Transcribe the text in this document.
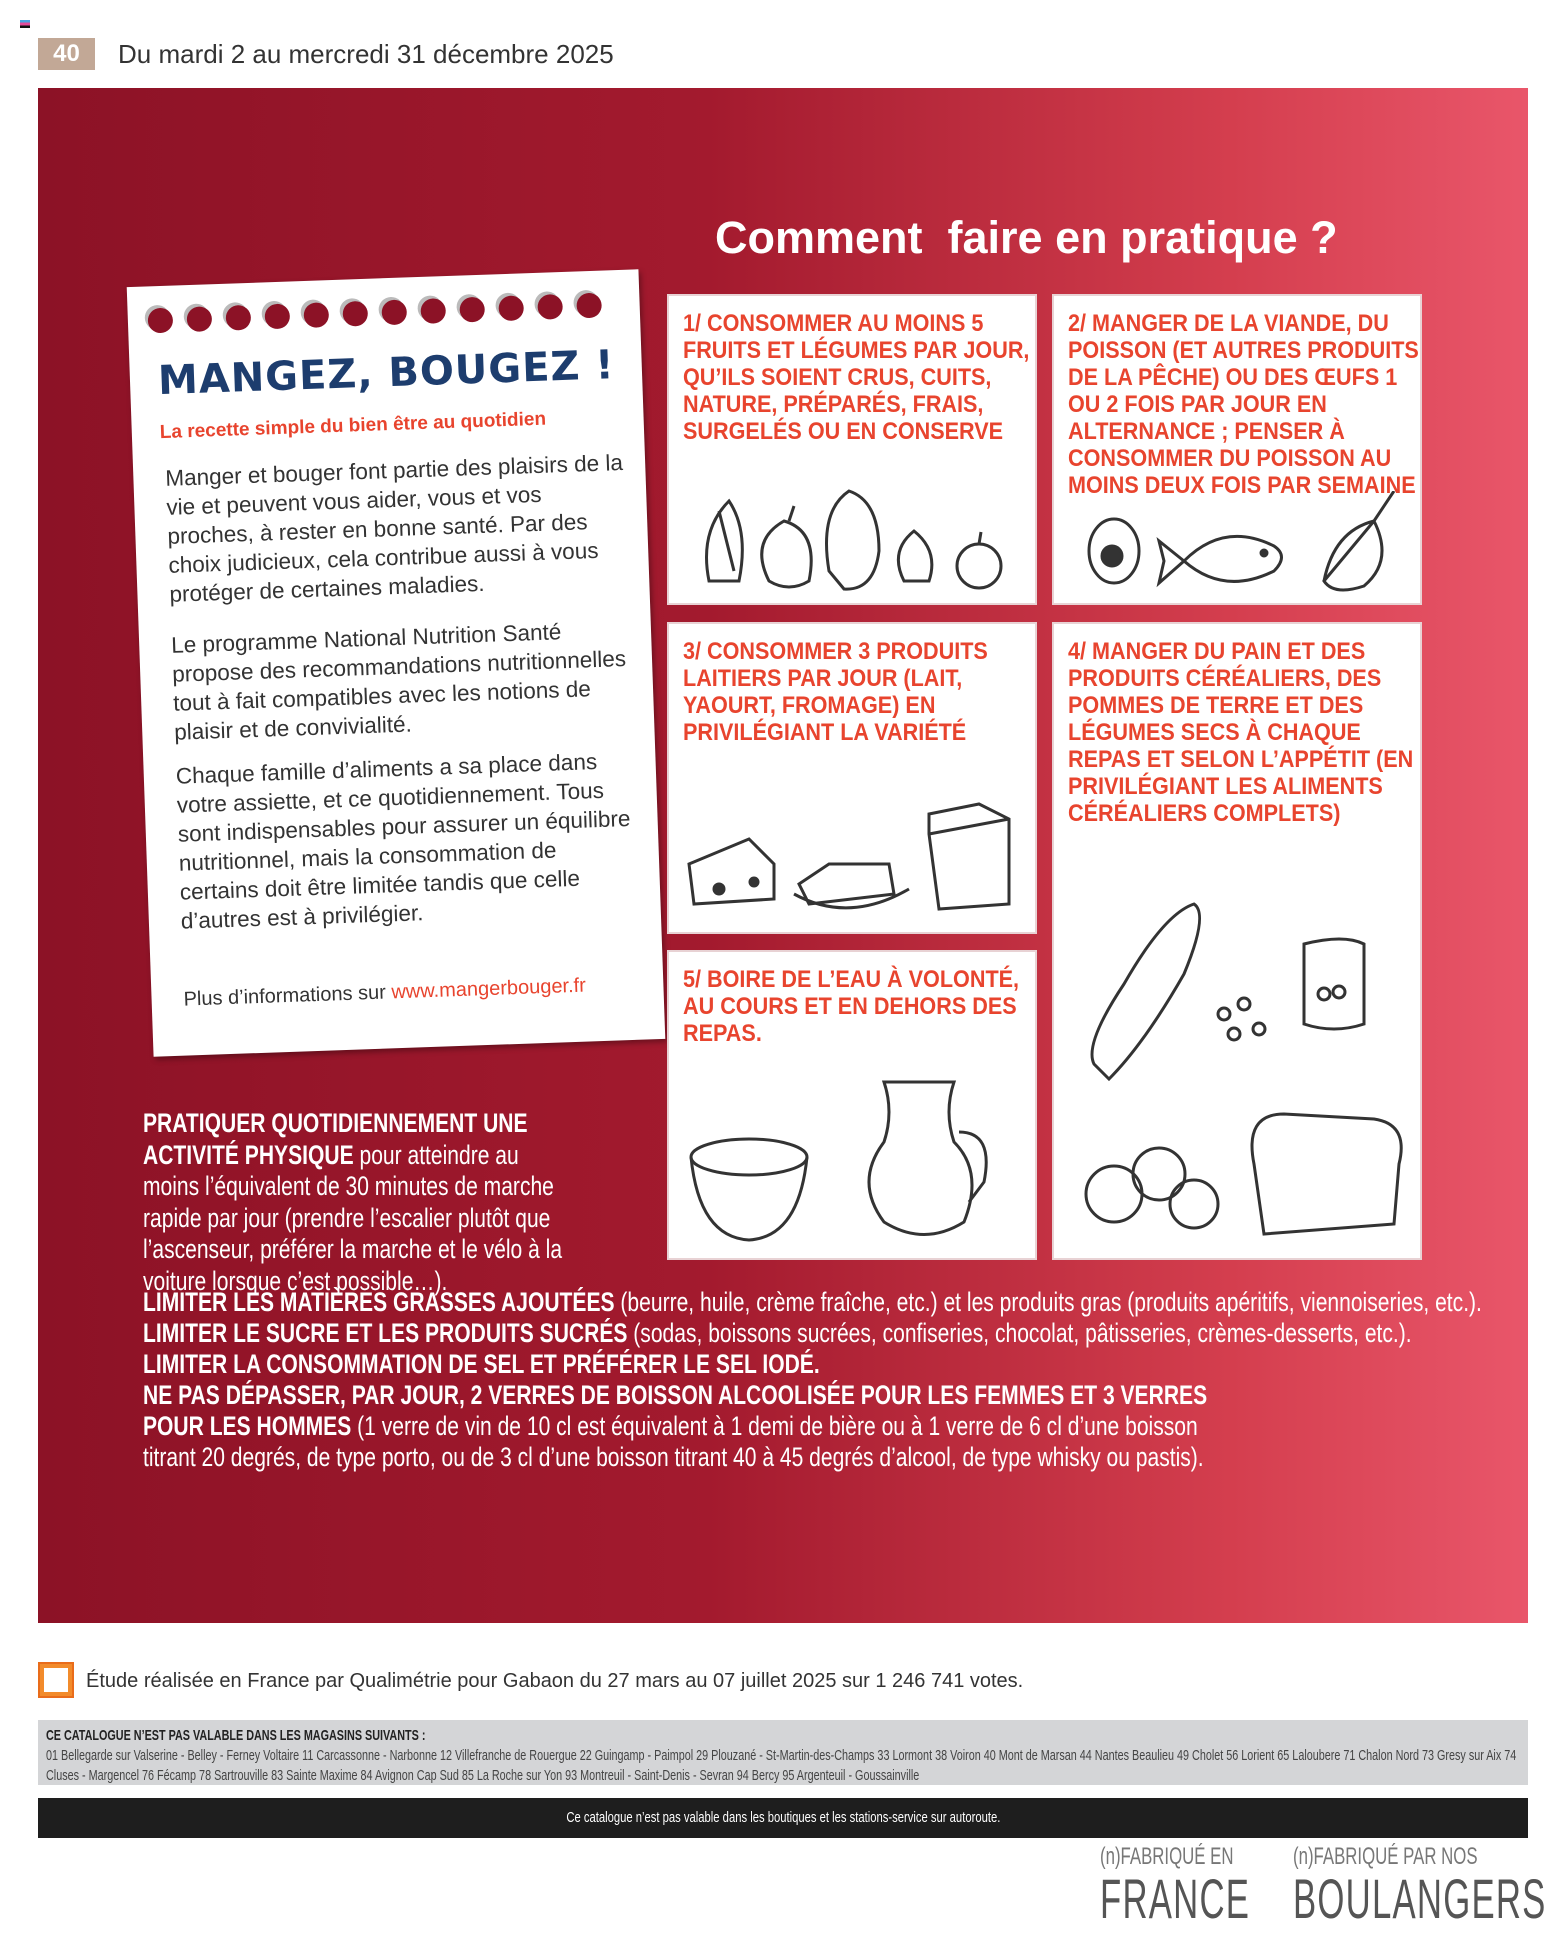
40	Du mardi 2 au mercredi 31 décembre 2025
Comment  faire en pratique ?
MANGEZ, BOUGEZ !
La recette simple du bien être au quotidien

Manger et bouger font partie des plaisirs de la vie et peuvent vous aider, vous et vos proches, à rester en bonne santé. Par des choix judicieux, cela contribue aussi à vous protéger de certaines maladies.

Le programme National Nutrition Santé propose des recommandations nutritionnelles tout à fait compatibles avec les notions de plaisir et de convivialité.

Chaque famille d’aliments a sa place dans votre assiette, et ce quotidiennement. Tous sont indispensables pour assurer un équilibre nutritionnel, mais la consommation de certains doit être limitée tandis que celle d’autres est à privilégier.

Plus d’informations sur www.mangerbouger.fr

1/ CONSOMMER AU MOINS 5 FRUITS ET LÉGUMES PAR JOUR, QU’ILS SOIENT CRUS, CUITS, NATURE, PRÉPARÉS, FRAIS, SURGELÉS OU EN CONSERVE
2/ MANGER DE LA VIANDE, DU POISSON (ET AUTRES PRODUITS DE LA PÊCHE) OU DES ŒUFS 1 OU 2 FOIS PAR JOUR EN ALTERNANCE ; PENSER À CONSOMMER DU POISSON AU MOINS DEUX FOIS PAR SEMAINE
3/ CONSOMMER 3 PRODUITS LAITIERS PAR JOUR (LAIT, YAOURT, FROMAGE) EN PRIVILÉGIANT LA VARIÉTÉ
4/ MANGER DU PAIN ET DES PRODUITS CÉRÉALIERS, DES POMMES DE TERRE ET DES LÉGUMES SECS À CHAQUE REPAS ET SELON L’APPÉTIT (EN PRIVILÉGIANT LES ALIMENTS CÉRÉALIERS COMPLETS)
5/ BOIRE DE L’EAU À VOLONTÉ, AU COURS ET EN DEHORS DES REPAS.
PRATIQUER QUOTIDIENNEMENT UNE ACTIVITÉ PHYSIQUE pour atteindre au moins l’équivalent de 30 minutes de marche rapide par jour (prendre l’escalier plutôt que l’ascenseur, préférer la marche et le vélo à la voiture lorsque c’est possible…).
LIMITER LES MATIÈRES GRASSES AJOUTÉES (beurre, huile, crème fraîche, etc.) et les produits gras (produits apéritifs, viennoiseries, etc.).
LIMITER LE SUCRE ET LES PRODUITS SUCRÉS (sodas, boissons sucrées, confiseries, chocolat, pâtisseries, crèmes-desserts, etc.).
LIMITER LA CONSOMMATION DE SEL ET PRÉFÉRER LE SEL IODÉ.
NE PAS DÉPASSER, PAR JOUR, 2 VERRES DE BOISSON ALCOOLISÉE POUR LES FEMMES ET 3 VERRES POUR LES HOMMES (1 verre de vin de 10 cl est équivalent à 1 demi de bière ou à 1 verre de 6 cl d’une boisson titrant 20 degrés, de type porto, ou de 3 cl d’une boisson titrant 40 à 45 degrés d’alcool, de type whisky ou pastis).
Étude réalisée en France par Qualimétrie pour Gabaon du 27 mars au 07 juillet 2025 sur 1 246 741 votes.
CE CATALOGUE N’EST PAS VALABLE DANS LES MAGASINS SUIVANTS :
01 Bellegarde sur Valserine - Belley - Ferney Voltaire 11 Carcassonne - Narbonne 12 Villefranche de Rouergue 22 Guingamp - Paimpol 29 Plouzané - St-Martin-des-Champs 33 Lormont 38 Voiron 40 Mont de Marsan 44 Nantes Beaulieu 49 Cholet 56 Lorient 65 Laloubere 71 Chalon Nord 73 Gresy sur Aix 74 Cluses - Margencel 76 Fécamp 78 Sartrouville 83 Sainte Maxime 84 Avignon Cap Sud 85 La Roche sur Yon 93 Montreuil - Saint-Denis - Sevran 94 Bercy 95 Argenteuil - Goussainville
Ce catalogue n’est pas valable dans les boutiques et les stations-service sur autoroute.
(n)FABRIQUÉ EN
FRANCE
(n)FABRIQUÉ PAR NOS
BOULANGERS
